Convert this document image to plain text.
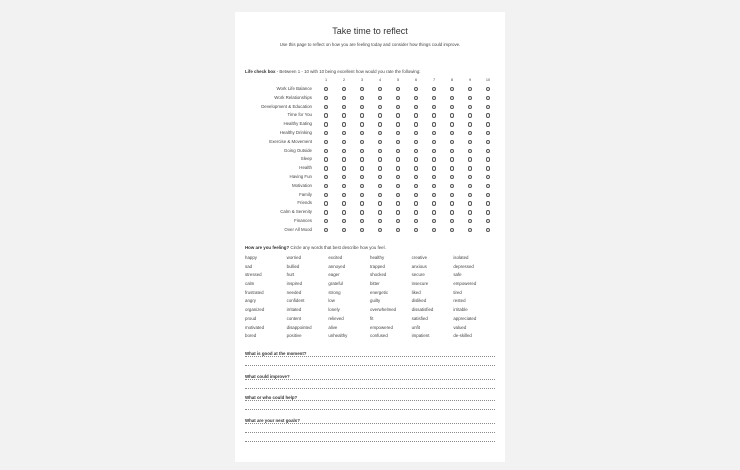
Take time to reflect
Use this page to reflect on how you are feeling today and consider how things could improve.
Life check box - Between 1 - 10 with 10 being excellent how would you rate the following:
1	2	3	4	5	6	7	8	9	10
Work Life Balance
Work Relationships
Development & Education
Time for You
Healthy Eating
Healthy Drinking
Exercise & Movement
Going Outside
Sleep
Health
Having Fun
Motivation
Family
Friends
Calm & Serenity
Finances
Over All Mood
How are you feeling? Circle any words that best describe how you feel.
happy	worried	excited	healthy	creative	isolated
sad	bullied	annoyed	trapped	anxious	depressed
stressed	hurt	eager	shocked	secure	safe
calm	inspired	grateful	bitter	insecure	empowered
frustrated	needed	strong	energetic	liked	tired
angry	confident	low	guilty	disliked	rested
organized	irritated	lonely	overwhelmed	dissatisfied	irritable
proud	content	relieved	fit	satisfied	appreciated
motivated	disappointed	alive	empowered	unfit	valued
bored	positive	unhealthy	confused	impatient	de-skilled
What is good at the moment?
What could improve?
What or who could help?
What are your next goals?
